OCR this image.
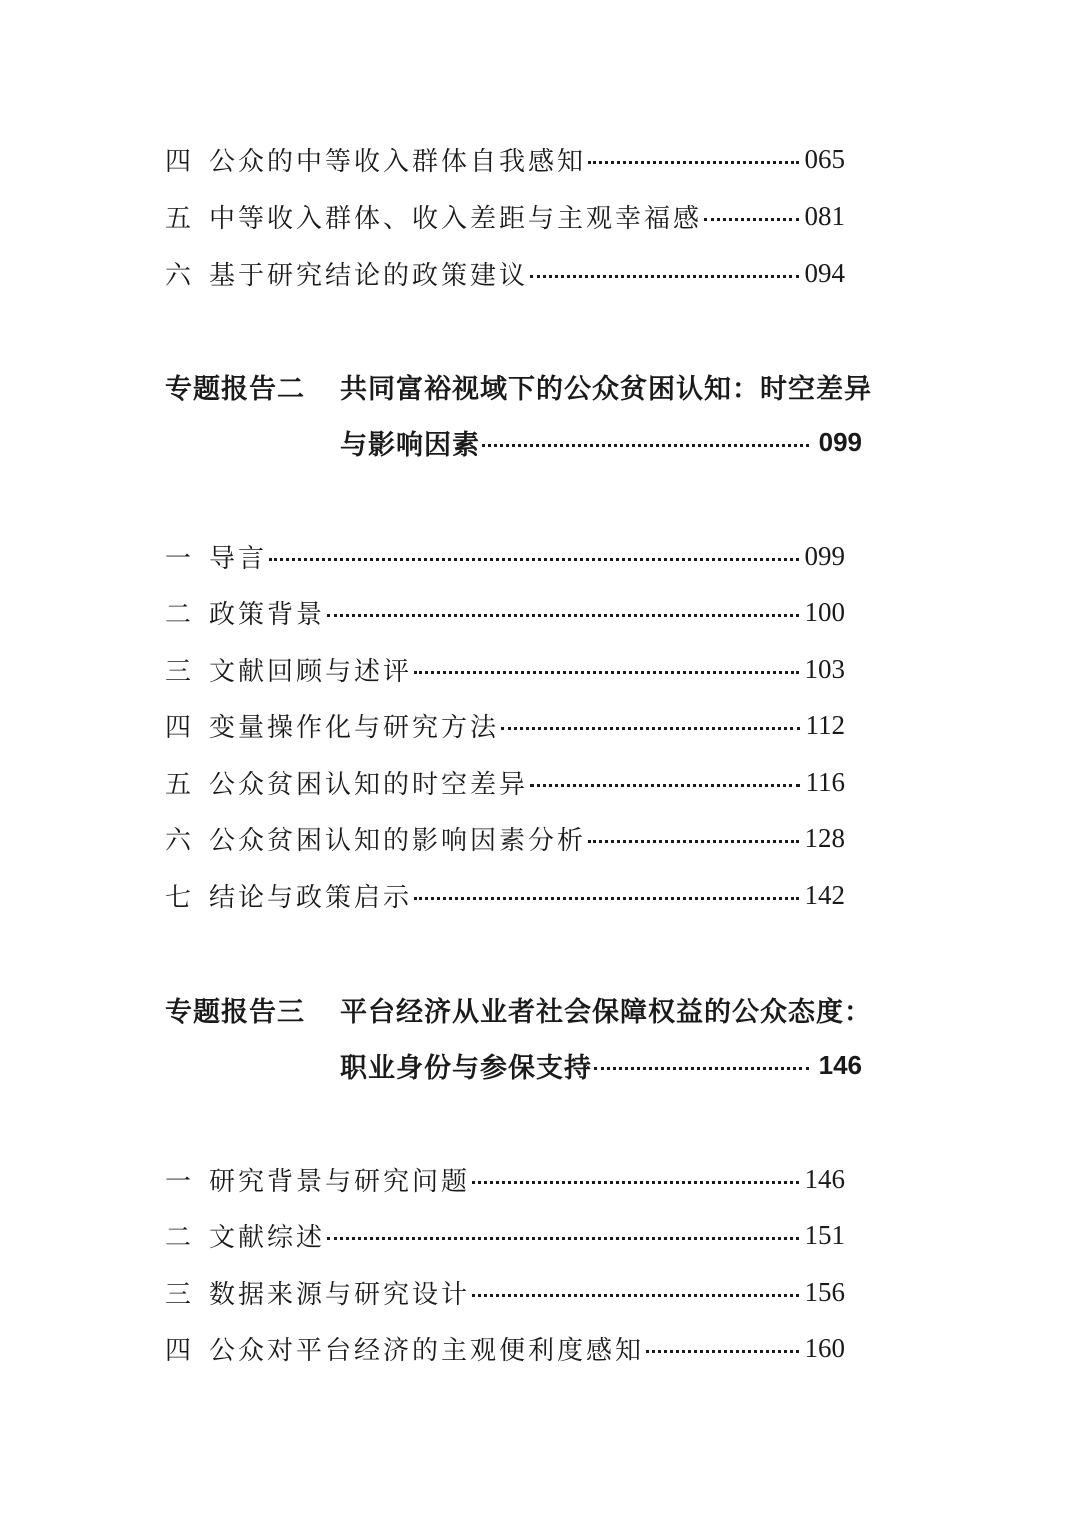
四 公众的中等收入群体自我感知	065
五 中等收入群体、收入差距与主观幸福感	081
六 基于研究结论的政策建议	094
专题报告二	共同富裕视域下的公众贫困认知：时空差异
与影响因素	099
一 导言	099
二 政策背景	100
三 文献回顾与述评	103
四 变量操作化与研究方法	112
五 公众贫困认知的时空差异	116
六 公众贫困认知的影响因素分析	128
七 结论与政策启示	142
专题报告三	平台经济从业者社会保障权益的公众态度：
职业身份与参保支持	146
一 研究背景与研究问题	146
二 文献综述	151
三 数据来源与研究设计	156
四 公众对平台经济的主观便利度感知	160
